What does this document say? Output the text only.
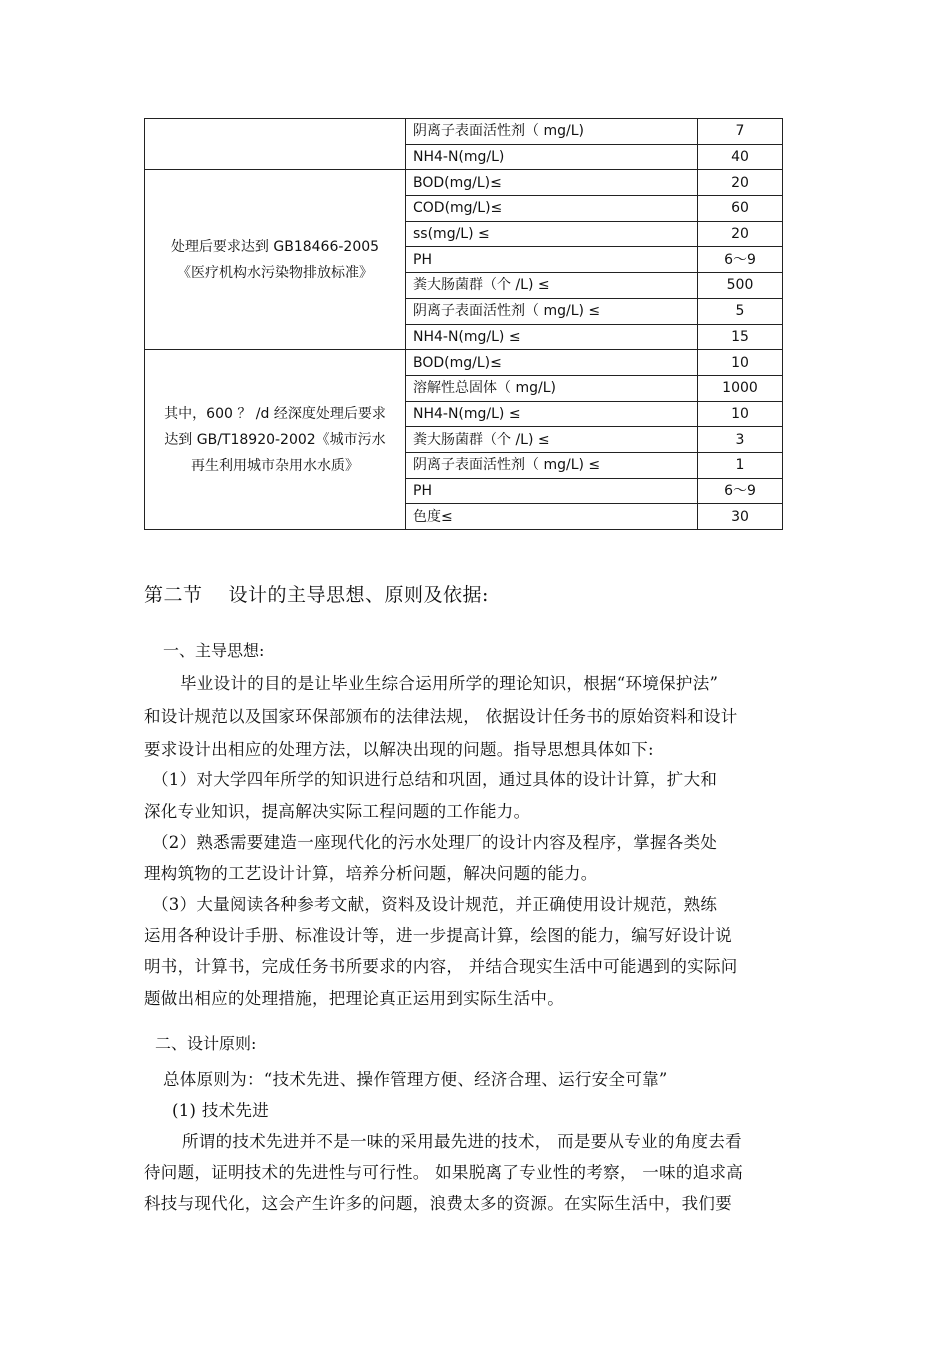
	阴离子表面活性剂（ mg/L)	7
	NH4-N(mg/L)	40

处理后要求达到 GB18466-2005
《医疗机构水污染物排放标准》	BOD(mg/L)≤	20
	COD(mg/L)≤	60
	ss(mg/L) ≤	20
	PH	6～9
	粪大肠菌群（个 /L) ≤	500
	阴离子表面活性剂（ mg/L) ≤	5
	NH4-N(mg/L) ≤	15

其中，600 ？ /d 经深度处理后要求
达到 GB/T18920-2002《城市污水
再生利用城市杂用水水质》	BOD(mg/L)≤	10
	溶解性总固体（ mg/L)	1000
	NH4-N(mg/L) ≤	10
	粪大肠菌群（个 /L) ≤	3
	阴离子表面活性剂（ mg/L) ≤	1
	PH	6～9
	色度≤	30
第二节 设计的主导思想、原则及依据:
一、主导思想:
毕业设计的目的是让毕业生综合运用所学的理论知识，根据“环境保护法”
和设计规范以及国家环保部颁布的法律法规， 依据设计任务书的原始资料和设计
要求设计出相应的处理方法，以解决出现的问题。指导思想具体如下:
（1）对大学四年所学的知识进行总结和巩固，通过具体的设计计算，扩大和
深化专业知识，提高解决实际工程问题的工作能力。
（2）熟悉需要建造一座现代化的污水处理厂的设计内容及程序，掌握各类处
理构筑物的工艺设计计算，培养分析问题，解决问题的能力。
（3）大量阅读各种参考文献，资料及设计规范，并正确使用设计规范，熟练
运用各种设计手册、标准设计等，进一步提高计算，绘图的能力，编写好设计说
明书，计算书，完成任务书所要求的内容， 并结合现实生活中可能遇到的实际问
题做出相应的处理措施，把理论真正运用到实际生活中。
二、设计原则:
总体原则为：“技术先进、操作管理方便、经济合理、运行安全可靠”
(1) 技术先进
所谓的技术先进并不是一味的采用最先进的技术， 而是要从专业的角度去看
待问题，证明技术的先进性与可行性。 如果脱离了专业性的考察， 一味的追求高
科技与现代化，这会产生许多的问题，浪费太多的资源。在实际生活中，我们要
